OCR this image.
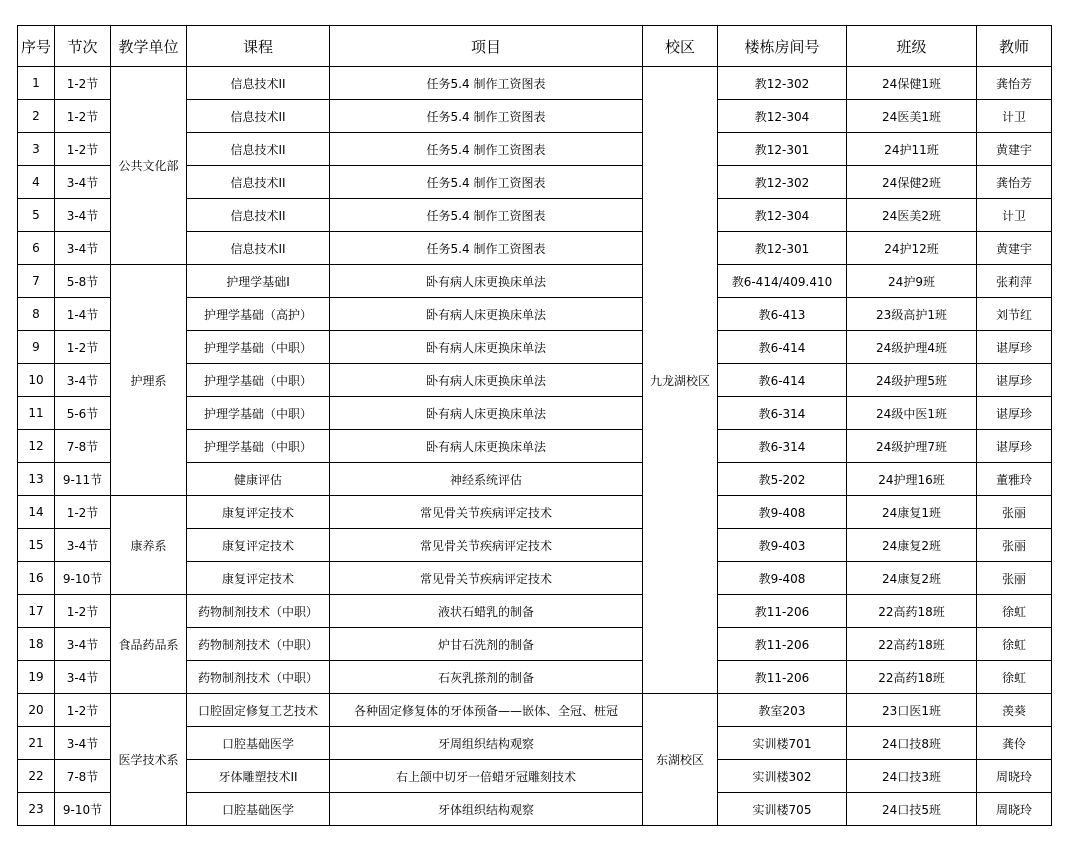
序号	节次	教学单位	课程	项目	校区	楼栋房间号	班级	教师
1	1-2节	公共文化部	信息技术II	任务5.4 制作工资图表	九龙湖校区	教12-302	24保健1班	龚怡芳
2	1-2节		信息技术II	任务5.4 制作工资图表		教12-304	24医美1班	计卫
3	1-2节		信息技术II	任务5.4 制作工资图表		教12-301	24护11班	黄建宇
4	3-4节		信息技术II	任务5.4 制作工资图表		教12-302	24保健2班	龚怡芳
5	3-4节		信息技术II	任务5.4 制作工资图表		教12-304	24医美2班	计卫
6	3-4节		信息技术II	任务5.4 制作工资图表		教12-301	24护12班	黄建宇
7	5-8节	护理系	护理学基础I	卧有病人床更换床单法		教6-414/409.410	24护9班	张莉萍
8	1-4节		护理学基础（高护）	卧有病人床更换床单法		教6-413	23级高护1班	刘节红
9	1-2节		护理学基础（中职）	卧有病人床更换床单法		教6-414	24级护理4班	谌厚珍
10	3-4节		护理学基础（中职）	卧有病人床更换床单法		教6-414	24级护理5班	谌厚珍
11	5-6节		护理学基础（中职）	卧有病人床更换床单法		教6-314	24级中医1班	谌厚珍
12	7-8节		护理学基础（中职）	卧有病人床更换床单法		教6-314	24级护理7班	谌厚珍
13	9-11节		健康评估	神经系统评估		教5-202	24护理16班	董雅玲
14	1-2节	康养系	康复评定技术	常见骨关节疾病评定技术		教9-408	24康复1班	张丽
15	3-4节		康复评定技术	常见骨关节疾病评定技术		教9-403	24康复2班	张丽
16	9-10节		康复评定技术	常见骨关节疾病评定技术		教9-408	24康复2班	张丽
17	1-2节	食品药品系	药物制剂技术（中职）	液状石蜡乳的制备		教11-206	22高药18班	徐虹
18	3-4节		药物制剂技术（中职）	炉甘石洗剂的制备		教11-206	22高药18班	徐虹
19	3-4节		药物制剂技术（中职）	石灰乳搽剂的制备		教11-206	22高药18班	徐虹
20	1-2节	医学技术系	口腔固定修复工艺技术	各种固定修复体的牙体预备——嵌体、全冠、桩冠	东湖校区	教室203	23口医1班	羡葵
21	3-4节		口腔基础医学	牙周组织结构观察		实训楼701	24口技8班	龚伶
22	7-8节		牙体雕塑技术II	右上颌中切牙一倍蜡牙冠雕刻技术		实训楼302	24口技3班	周晓玲
23	9-10节		口腔基础医学	牙体组织结构观察		实训楼705	24口技5班	周晓玲
